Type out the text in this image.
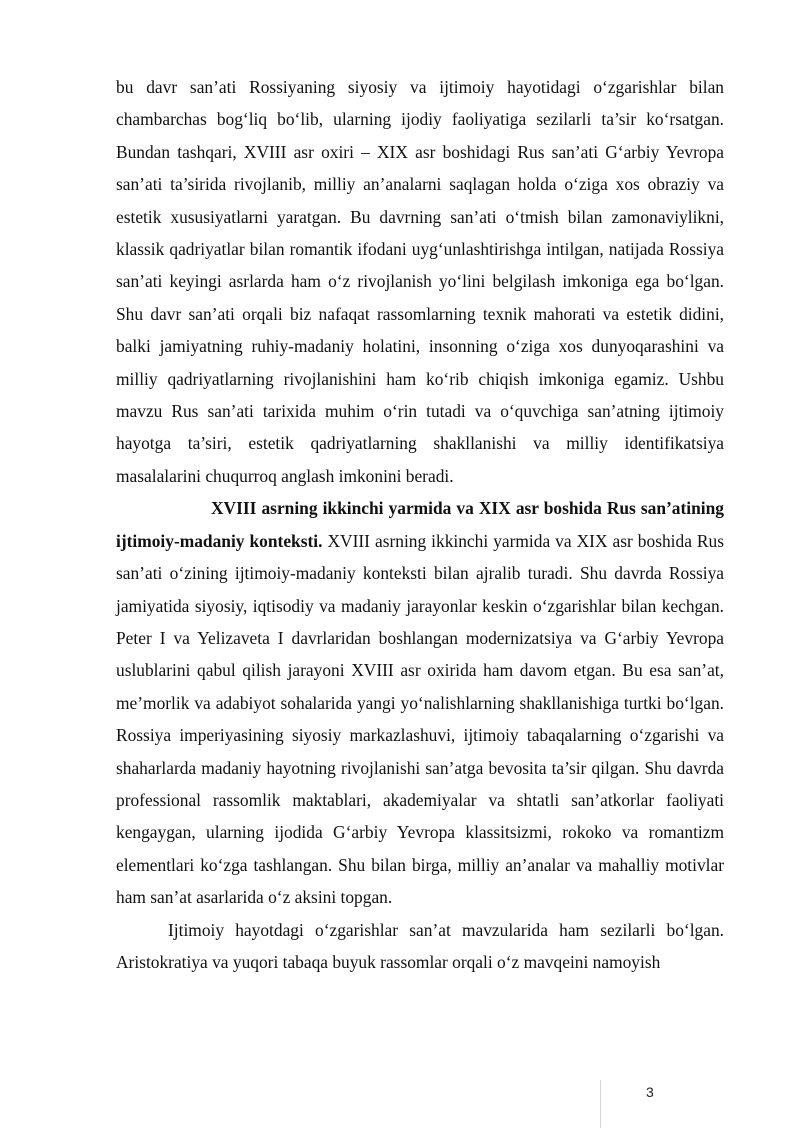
bu davr san’ati Rossiyaning siyosiy va ijtimoiy hayotidagi o‘zgarishlar bilan chambarchas bog‘liq bo‘lib, ularning ijodiy faoliyatiga sezilarli ta’sir ko‘rsatgan. Bundan tashqari, XVIII asr oxiri – XIX asr boshidagi Rus san’ati G‘arbiy Yevropa san’ati ta’sirida rivojlanib, milliy an’analarni saqlagan holda o‘ziga xos obraziy va estetik xususiyatlarni yaratgan. Bu davrning san’ati o‘tmish bilan zamonaviylikni, klassik qadriyatlar bilan romantik ifodani uyg‘unlashtirishga intilgan, natijada Rossiya san’ati keyingi asrlarda ham o‘z rivojlanish yo‘lini belgilash imkoniga ega bo‘lgan. Shu davr san’ati orqali biz nafaqat rassomlarning texnik mahorati va estetik didini, balki jamiyatning ruhiy-madaniy holatini, insonning o‘ziga xos dunyoqarashini va milliy qadriyatlarning rivojlanishini ham ko‘rib chiqish imkoniga egamiz. Ushbu mavzu Rus san’ati tarixida muhim o‘rin tutadi va o‘quvchiga san’atning ijtimoiy hayotga ta’siri, estetik qadriyatlarning shakllanishi va milliy identifikatsiya masalalarini chuqurroq anglash imkonini beradi.

XVIII asrning ikkinchi yarmida va XIX asr boshida Rus san’atining ijtimoiy-madaniy konteksti. XVIII asrning ikkinchi yarmida va XIX asr boshida Rus san’ati o‘zining ijtimoiy-madaniy konteksti bilan ajralib turadi. Shu davrda Rossiya jamiyatida siyosiy, iqtisodiy va madaniy jarayonlar keskin o‘zgarishlar bilan kechgan. Peter I va Yelizaveta I davrlaridan boshlangan modernizatsiya va G‘arbiy Yevropa uslublarini qabul qilish jarayoni XVIII asr oxirida ham davom etgan. Bu esa san’at, me’morlik va adabiyot sohalarida yangi yo‘nalishlarning shakllanishiga turtki bo‘lgan. Rossiya imperiyasining siyosiy markazlashuvi, ijtimoiy tabaqalarning o‘zgarishi va shaharlarda madaniy hayotning rivojlanishi san’atga bevosita ta’sir qilgan. Shu davrda professional rassomlik maktablari, akademiyalar va shtatli san’atkorlar faoliyati kengaygan, ularning ijodida G‘arbiy Yevropa klassitsizmi, rokoko va romantizm elementlari ko‘zga tashlangan. Shu bilan birga, milliy an’analar va mahalliy motivlar ham san’at asarlarida o‘z aksini topgan.

Ijtimoiy hayotdagi o‘zgarishlar san’at mavzularida ham sezilarli bo‘lgan. Aristokratiya va yuqori tabaqa buyuk rassomlar orqali o‘z mavqeini namoyish

3
